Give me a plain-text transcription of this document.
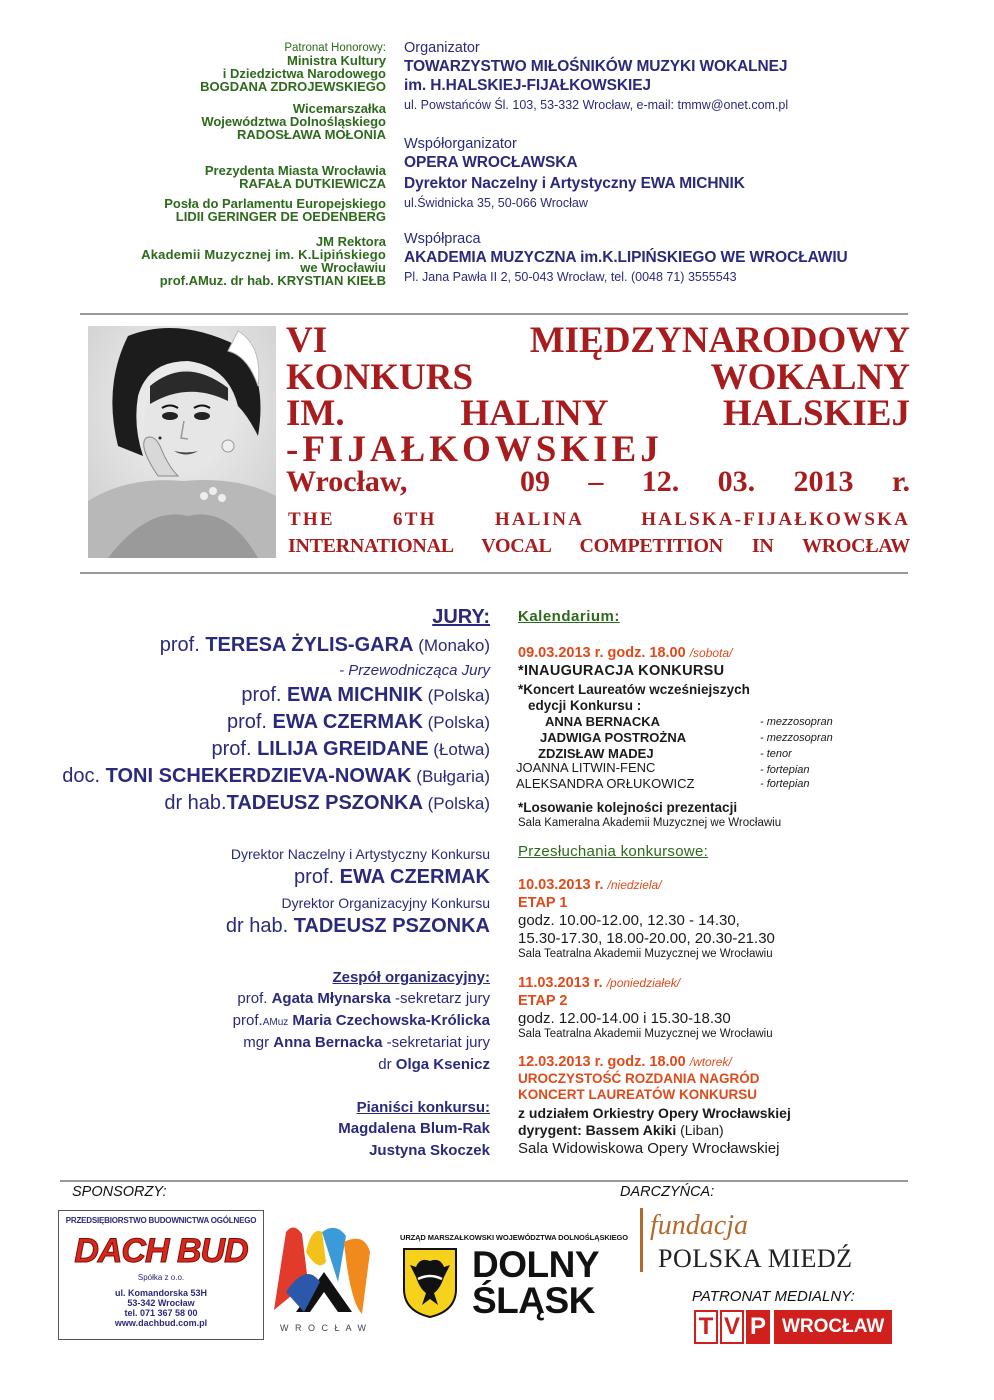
Patronat Honorowy:
Ministra Kultury
i Dziedzictwa Narodowego
BOGDANA ZDROJEWSKIEGO
Wicemarszałka
Województwa Dolnośląskiego
RADOSŁAWA MOŁONIA
Prezydenta Miasta Wrocławia
RAFAŁA DUTKIEWICZA
Posła do Parlamentu Europejskiego
LIDII GERINGER DE OEDENBERG
JM Rektora
Akademii Muzycznej im. K.Lipińskiego
we Wrocławiu
prof.AMuz. dr hab. KRYSTIAN KIEŁB
Organizator
TOWARZYSTWO MIŁOŚNIKÓW MUZYKI WOKALNEJ
im. H.HALSKIEJ-FIJAŁKOWSKIEJ
ul. Powstańców Śl. 103, 53-332 Wrocław, e-mail: tmmw@onet.com.pl
Współorganizator
OPERA WROCŁAWSKA
Dyrektor Naczelny i Artystyczny EWA MICHNIK
ul.Świdnicka 35, 50-066 Wrocław
Współpraca
AKADEMIA MUZYCZNA im.K.LIPIŃSKIEGO WE WROCŁAWIU
Pl. Jana Pawła II 2, 50-043 Wrocław, tel. (0048 71) 3555543
VI MIĘDZYNARODOWY
KONKURS WOKALNY
IM. HALINY HALSKIEJ
-FIJAŁKOWSKIEJ
Wrocław,	09 – 12. 03. 2013 r.
THE 6TH HALINA HALSKA-FIJAŁKOWSKA
INTERNATIONAL VOCAL COMPETITION IN WROCŁAW
JURY:
prof. TERESA ŻYLIS-GARA (Monako)
- Przewodnicząca Jury
prof. EWA MICHNIK (Polska)
prof. EWA CZERMAK (Polska)
prof. LILIJA GREIDANE (Łotwa)
doc. TONI SCHEKERDZIEVA-NOWAK (Bułgaria)
dr hab.TADEUSZ PSZONKA (Polska)
Dyrektor Naczelny i Artystyczny Konkursu
prof. EWA CZERMAK
Dyrektor Organizacyjny Konkursu
dr hab. TADEUSZ PSZONKA
Zespół organizacyjny:
prof. Agata Młynarska -sekretarz jury
prof.AMuz Maria Czechowska-Królicka
mgr Anna Bernacka -sekretariat jury
dr Olga Ksenicz
Pianiści konkursu:
Magdalena Blum-Rak
Justyna Skoczek
Kalendarium:
09.03.2013 r. godz. 18.00 /sobota/
*INAUGURACJA KONKURSU
*Koncert Laureatów wcześniejszych
edycji Konkursu :
ANNA BERNACKA	- mezzosopran
JADWIGA POSTROŻNA	- mezzosopran
ZDZISŁAW MADEJ	- tenor
JOANNA LITWIN-FENC	- fortepian
ALEKSANDRA ORŁUKOWICZ	- fortepian
*Losowanie kolejności prezentacji
Sala Kameralna Akademii Muzycznej we Wrocławiu
Przesłuchania konkursowe:
10.03.2013 r. /niedziela/
ETAP 1
godz. 10.00-12.00, 12.30 - 14.30,
15.30-17.30, 18.00-20.00, 20.30-21.30
Sala Teatralna Akademii Muzycznej we Wrocławiu
11.03.2013 r. /poniedziałek/
ETAP 2
godz. 12.00-14.00 i 15.30-18.30
Sala Teatralna Akademii Muzycznej we Wrocławiu
12.03.2013 r. godz. 18.00 /wtorek/
UROCZYSTOŚĆ ROZDANIA NAGRÓD
KONCERT LAUREATÓW KONKURSU
z udziałem Orkiestry Opery Wrocławskiej
dyrygent: Bassem Akiki (Liban)
Sala Widowiskowa Opery Wrocławskiej
SPONSORZY:	DARCZYŃCA:
PRZEDSIĘBIORSTWO BUDOWNICTWA OGÓLNEGO
DACH BUD
Spółka z o.o.
ul. Komandorska 53H
53-342 Wrocław
tel. 071 367 58 00
www.dachbud.com.pl	W R O C Ł A W
URZĄD MARSZAŁKOWSKI WOJEWÓDZTWA DOLNOŚLĄSKIEGO
DOLNY
ŚLĄSK
fundacja
POLSKA MIEDŹ
PATRONAT MEDIALNY:
T V P WROCŁAW
